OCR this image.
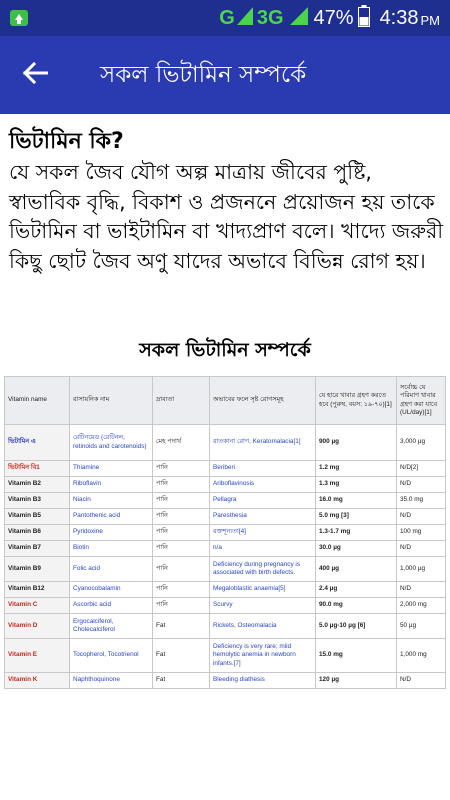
G 3G 47% 4:38 PM
সকল ভিটামিন সম্পর্কে
ভিটামিন কি?
যে সকল জৈব যৌগ অল্প মাত্রায় জীবের পুষ্টি, স্বাভাবিক বৃদ্ধি, বিকাশ ও প্রজননে প্রয়োজন হয় তাকে ভিটামিন বা ভাইটামিন বা খাদ্যপ্রাণ বলে। খাদ্যে জরুরী কিছু ছোট জৈব অণু যাদের অভাবে বিভিন্ন রোগ হয়।
সকল ভিটামিন সম্পর্কে
Vitamin name	রাসায়নিক নাম	দ্রাব্যতা	অভাবের ফলে সৃষ্ট রোগসমূহ	যে হারে খাবার গ্রহণ করতে হবে (পুরুষ, বয়স: ১৯-৭০)[1]	সর্বোচ্চ যে পরিমাণ খাবার গ্রহণ করা যাবে (UL/day)[1]
ভিটামিন এ	রেটিনয়েড (রেটিনল, retinoids and carotenoids)	মেহ পদার্থ	রাতকানা রোগ, Keratomalacia[1]	900 µg	3,000 µg
ভিটামিন বি1	Thiamine	পানি	Beriberi	1.2 mg	N/D[2]
Vitamin B2	Riboflavin	পানি	Ariboflavinosis	1.3 mg	N/D
Vitamin B3	Niacin	পানি	Pellagra	16.0 mg	35.0 mg
Vitamin B5	Pantothenic acid	পানি	Paresthesia	5.0 mg [3]	N/D
Vitamin B6	Pyridoxine	পানি	রক্তশূন্যতা[4]	1.3-1.7 mg	100 mg
Vitamin B7	Biotin	পানি	n/a	30.0 µg	N/D
Vitamin B9	Folic acid	পানি	Deficiency during pregnancy is associated with birth defects.	400 µg	1,000 µg
Vitamin B12	Cyanocobalamin	পানি	Megaloblastic anaemia[5]	2.4 µg	N/D
Vitamin C	Ascorbic acid	পানি	Scurvy	90.0 mg	2,000 mg
Vitamin D	Ergocalciferol, Cholecalciferol	Fat	Rickets, Osteomalacia	5.0 µg-10 µg [6]	50 µg
Vitamin E	Tocopherol, Tocotrienol	Fat	Deficiency is very rare; mild hemolytic anemia in newborn infants.[7]	15.0 mg	1,000 mg
Vitamin K	Naphthoquinone	Fat	Bleeding diathesis	120 µg	N/D
